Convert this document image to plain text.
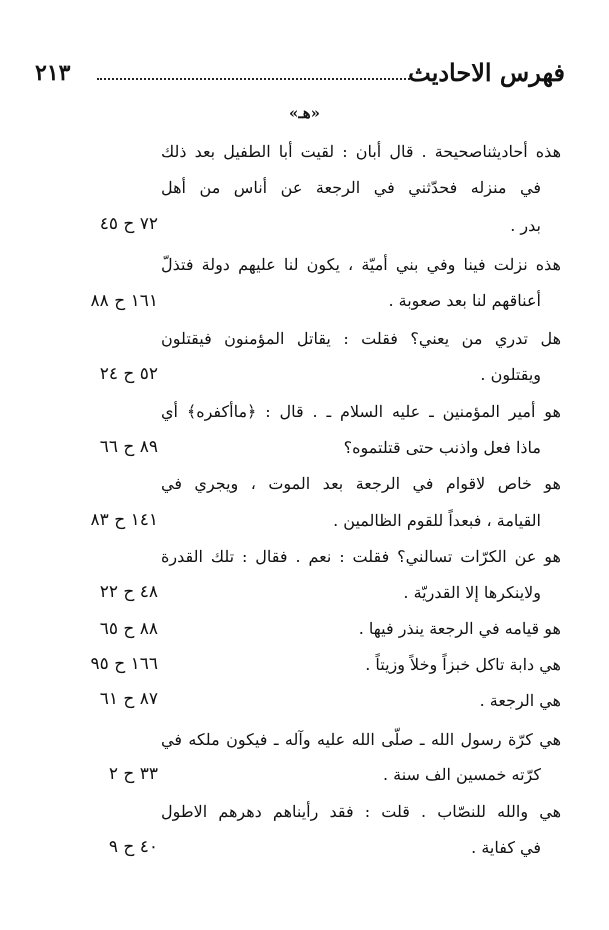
فهرس الاحاديث
٢١٣
«هـ»
هذه أحاديثناصحيحة . قال أبان : لقيت أبا الطفيل بعد ذلك
في منزله فحدّثني في الرجعة عن أناس من أهل
بدر .
٧٢ ح ٤٥
هذه نزلت فينا وفي بني أميّة ، يكون لنا عليهم دولة فتذلّ
أعناقهم لنا بعد صعوبة .
١٦١ ح ٨٨
هل تدري من يعني؟ فقلت : يقاتل المؤمنون فيقتلون
ويقتلون .
٥٢ ح ٢٤
هو أمير المؤمنين ـ عليه السلام ـ . قال : ﴿ماأكفره﴾ أي
ماذا فعل واذنب حتى قتلتموه؟
٨٩ ح ٦٦
هو خاص لاقوام في الرجعة بعد الموت ، ويجري في
القيامة ، فبعداً للقوم الظالمين .
١٤١ ح ٨٣
هو عن الكرّات تسالني؟ فقلت : نعم . فقال : تلك القدرة
ولاينكرها إلا القدريّة .
٤٨ ح ٢٢
هو قيامه في الرجعة ينذر فيها .
٨٨ ح ٦٥
هي دابة تاكل خبزاً وخلاً وزيتاً .
١٦٦ ح ٩٥
هي الرجعة .
٨٧ ح ٦١
هي كرّة رسول الله ـ صلّى الله عليه وآله ـ فيكون ملكه في
كرّته خمسين الف سنة .
٣٣ ح ٢
هي والله للنصّاب . قلت : فقد رأيناهم دهرهم الاطول
في كفاية .
٤٠ ح ٩
